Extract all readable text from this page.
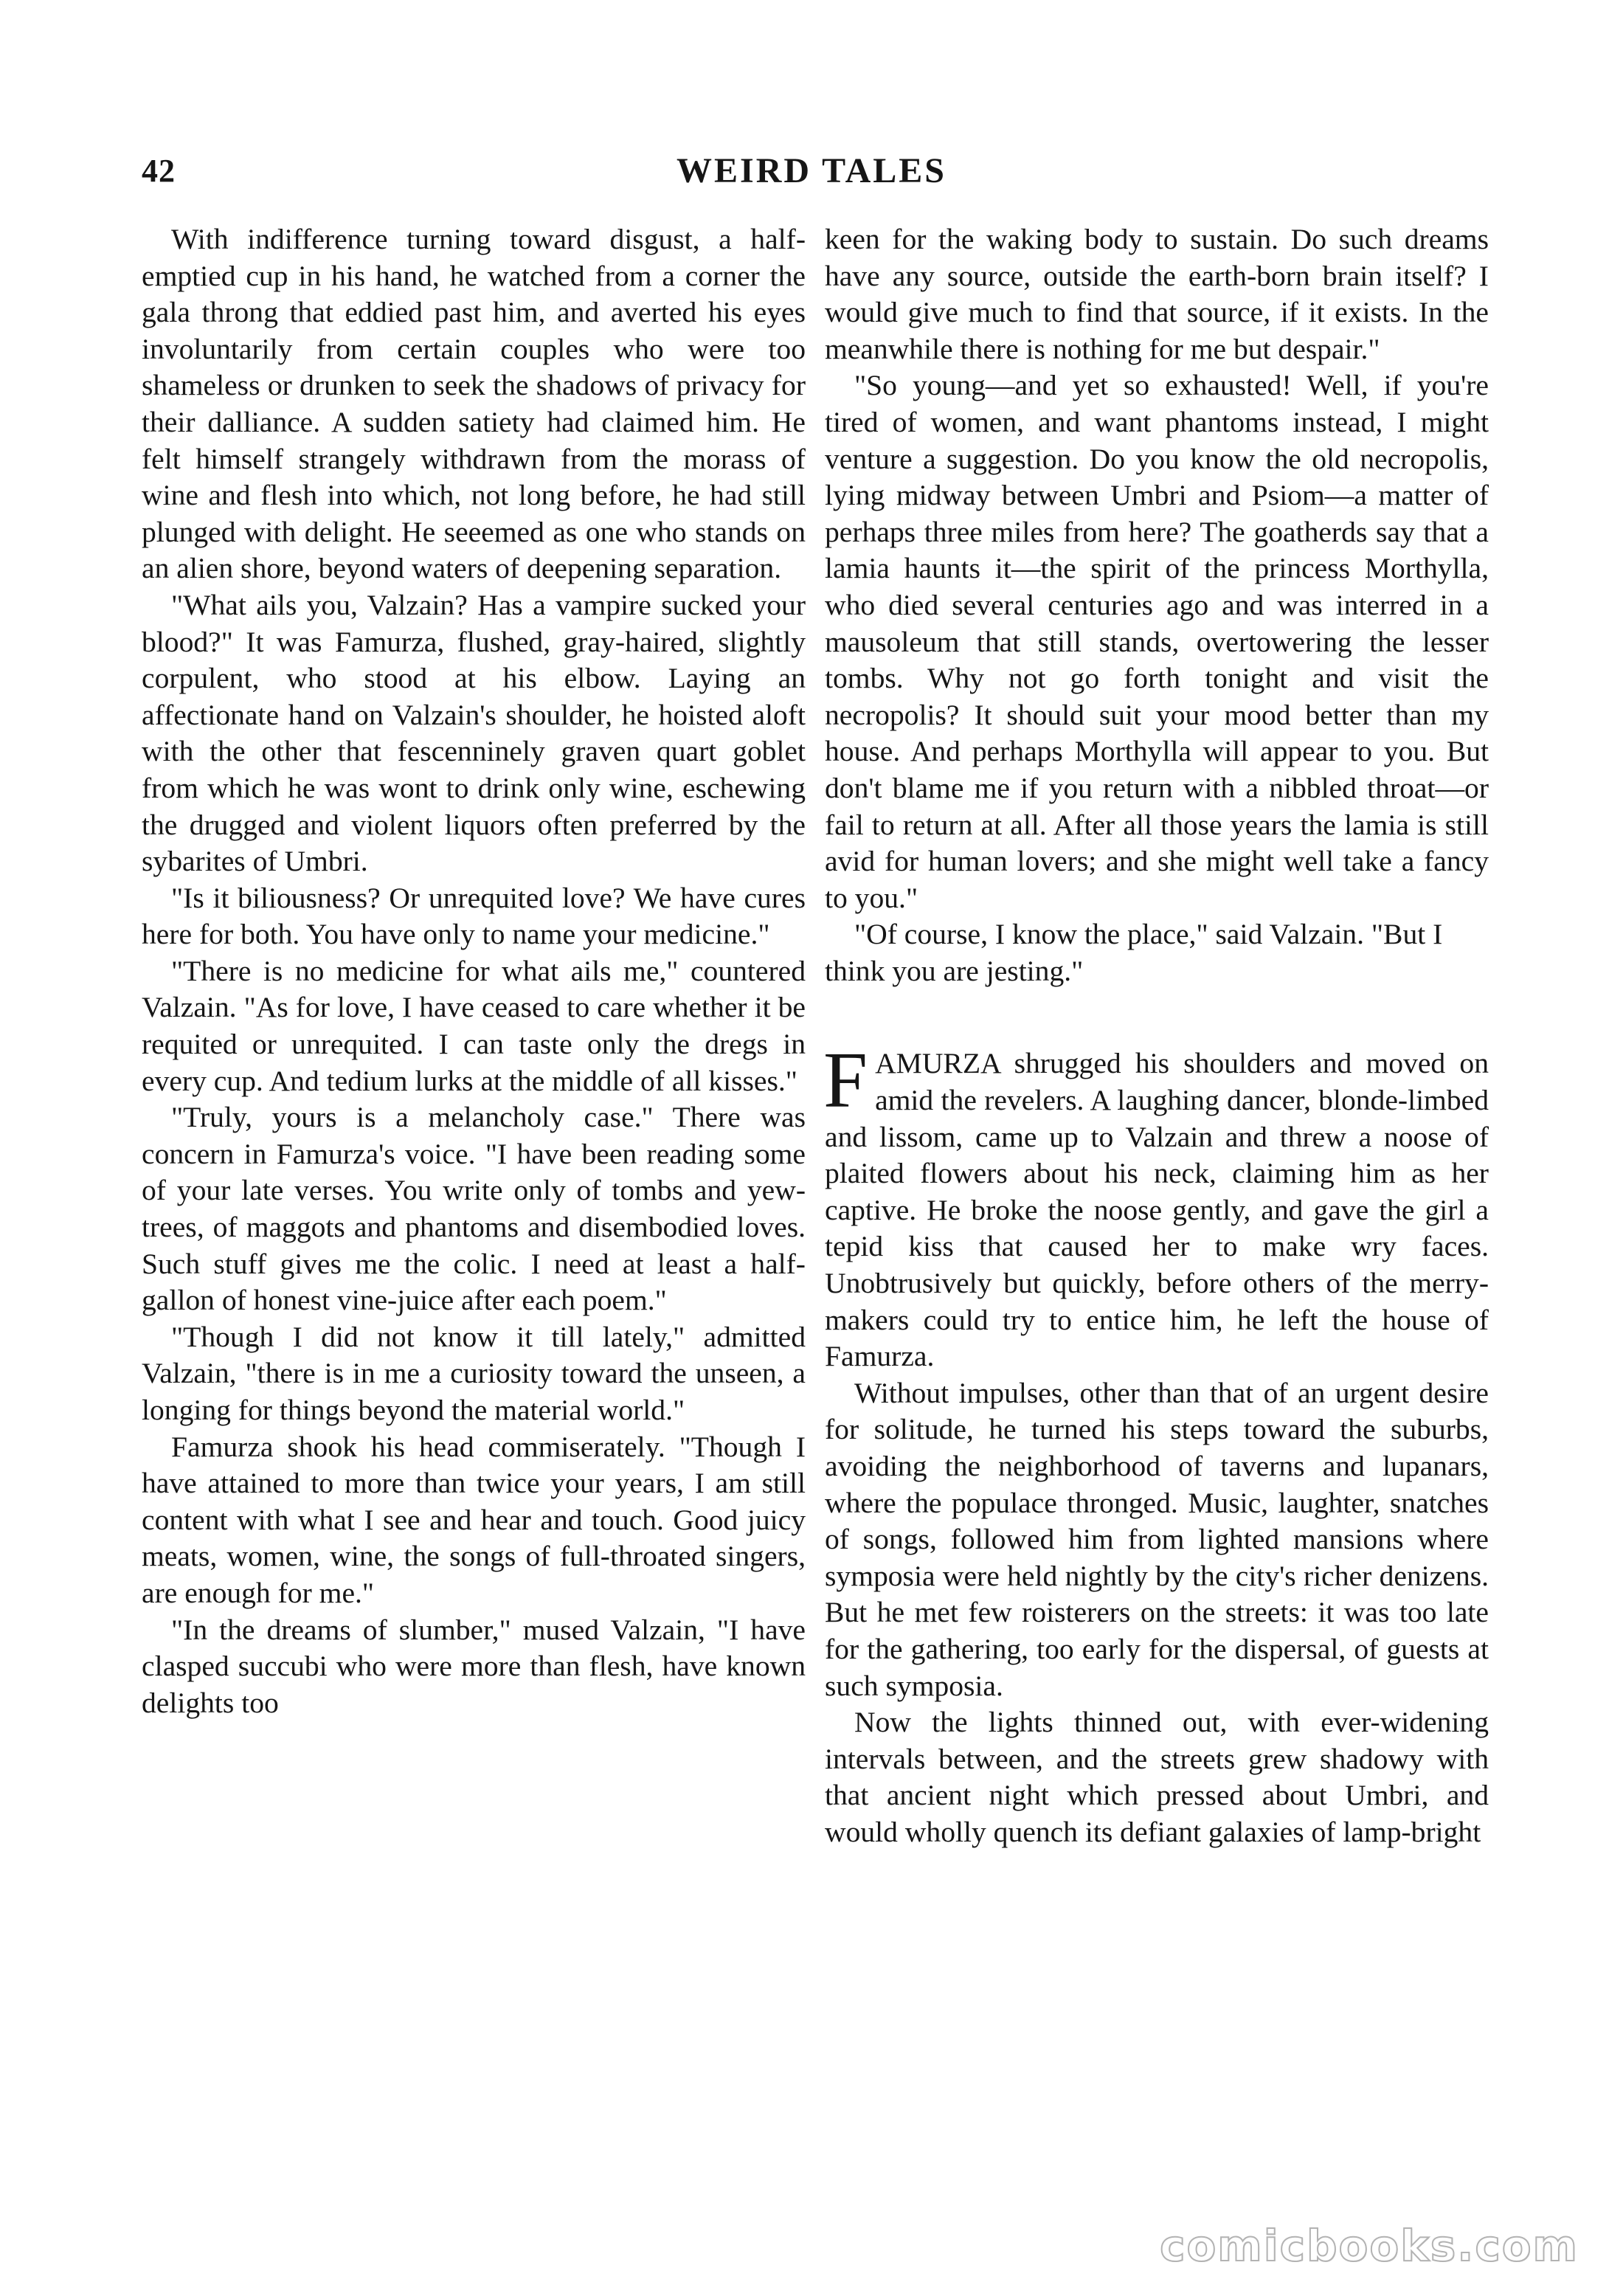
42	WEIRD TALES

With indifference turning toward disgust, a half-emptied cup in his hand, he watched from a corner the gala throng that eddied past him, and averted his eyes involuntarily from certain couples who were too shameless or drunken to seek the shadows of privacy for their dalliance. A sudden satiety had claimed him. He felt himself strangely withdrawn from the morass of wine and flesh into which, not long before, he had still plunged with delight. He seeemed as one who stands on an alien shore, beyond waters of deepening separation.

"What ails you, Valzain? Has a vampire sucked your blood?" It was Famurza, flushed, gray-haired, slightly corpulent, who stood at his elbow. Laying an affectionate hand on Valzain's shoulder, he hoisted aloft with the other that fescenninely graven quart goblet from which he was wont to drink only wine, eschewing the drugged and violent liquors often preferred by the sybarites of Umbri.

"Is it biliousness? Or unrequited love? We have cures here for both. You have only to name your medicine."

"There is no medicine for what ails me," countered Valzain. "As for love, I have ceased to care whether it be requited or unrequited. I can taste only the dregs in every cup. And tedium lurks at the middle of all kisses."

"Truly, yours is a melancholy case." There was concern in Famurza's voice. "I have been reading some of your late verses. You write only of tombs and yew-trees, of maggots and phantoms and disembodied loves. Such stuff gives me the colic. I need at least a half-gallon of honest vine-juice after each poem."

"Though I did not know it till lately," admitted Valzain, "there is in me a curiosity toward the unseen, a longing for things beyond the material world."

Famurza shook his head commiserately. "Though I have attained to more than twice your years, I am still content with what I see and hear and touch. Good juicy meats, women, wine, the songs of full-throated singers, are enough for me."

"In the dreams of slumber," mused Valzain, "I have clasped succubi who were more than flesh, have known delights too

keen for the waking body to sustain. Do such dreams have any source, outside the earth-born brain itself? I would give much to find that source, if it exists. In the meanwhile there is nothing for me but despair."

"So young—and yet so exhausted! Well, if you're tired of women, and want phantoms instead, I might venture a suggestion. Do you know the old necropolis, lying midway between Umbri and Psiom—a matter of perhaps three miles from here? The goatherds say that a lamia haunts it—the spirit of the princess Morthylla, who died several centuries ago and was interred in a mausoleum that still stands, overtowering the lesser tombs. Why not go forth tonight and visit the necropolis? It should suit your mood better than my house. And perhaps Morthylla will appear to you. But don't blame me if you return with a nibbled throat—or fail to return at all. After all those years the lamia is still avid for human lovers; and she might well take a fancy to you."

"Of course, I know the place," said Valzain. "But I think you are jesting."

FAMURZA shrugged his shoulders and moved on amid the revelers. A laughing dancer, blonde-limbed and lissom, came up to Valzain and threw a noose of plaited flowers about his neck, claiming him as her captive. He broke the noose gently, and gave the girl a tepid kiss that caused her to make wry faces. Unobtrusively but quickly, before others of the merry-makers could try to entice him, he left the house of Famurza.

Without impulses, other than that of an urgent desire for solitude, he turned his steps toward the suburbs, avoiding the neighborhood of taverns and lupanars, where the populace thronged. Music, laughter, snatches of songs, followed him from lighted mansions where symposia were held nightly by the city's richer denizens. But he met few roisterers on the streets: it was too late for the gathering, too early for the dispersal, of guests at such symposia.

Now the lights thinned out, with ever-widening intervals between, and the streets grew shadowy with that ancient night which pressed about Umbri, and would wholly quench its defiant galaxies of lamp-bright

comicbooks.com
